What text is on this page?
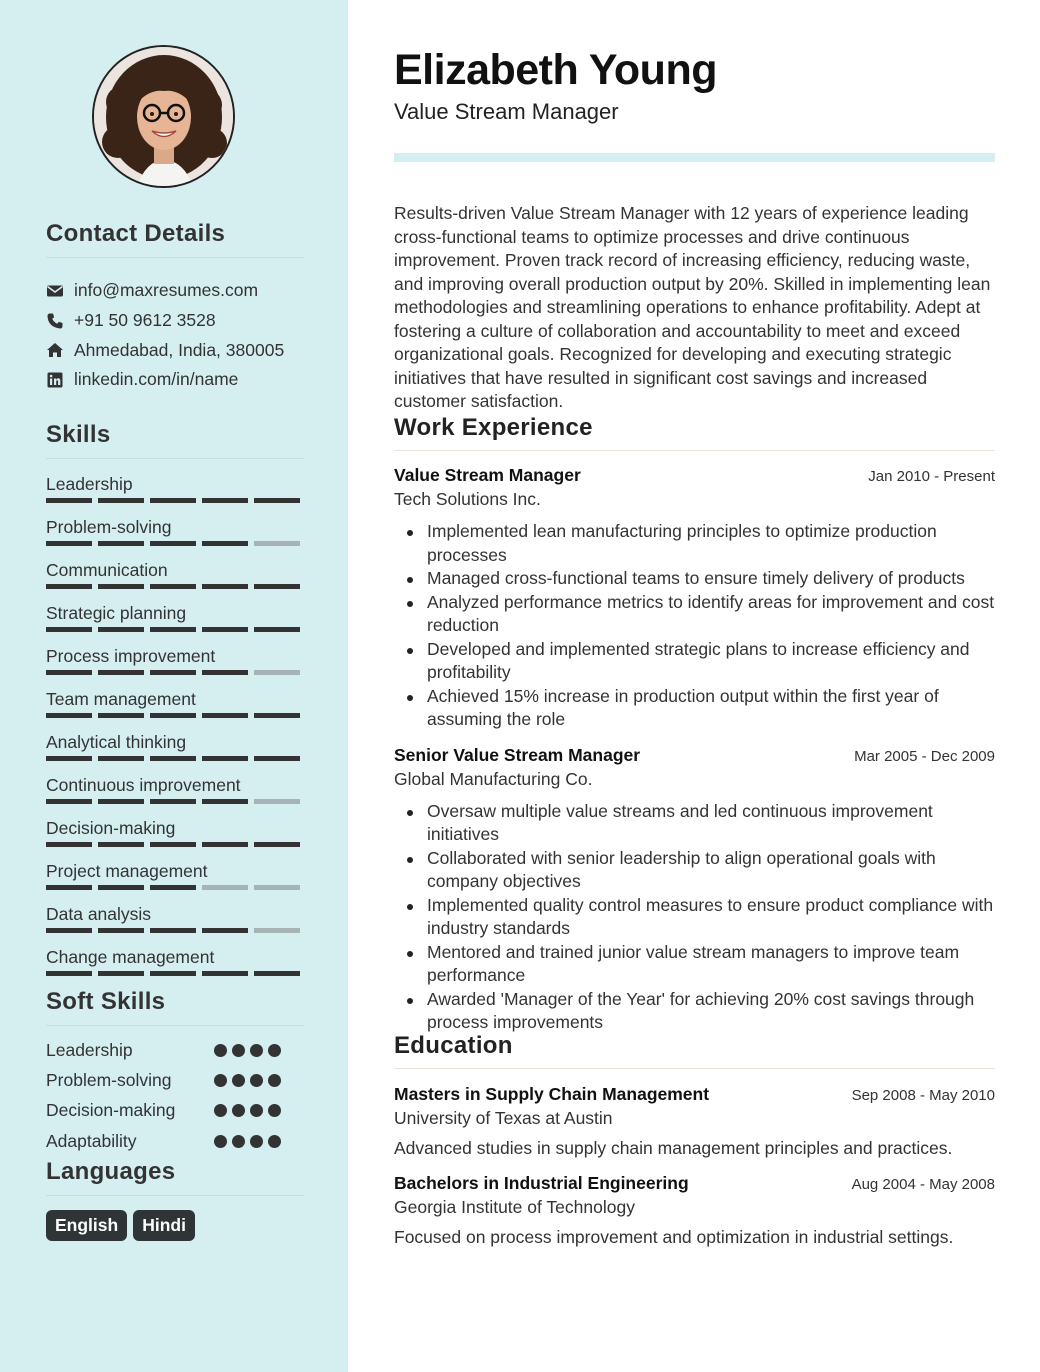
Contact Details
info@maxresumes.com
+91 50 9612 3528
Ahmedabad, India, 380005
linkedin.com/in/name
Skills
Leadership
Problem-solving
Communication
Strategic planning
Process improvement
Team management
Analytical thinking
Continuous improvement
Decision-making
Project management
Data analysis
Change management
Soft Skills
Leadership
Problem-solving
Decision-making
Adaptability
Languages
English	Hindi
Elizabeth Young
Value Stream Manager
Results-driven Value Stream Manager with 12 years of experience leading cross-functional teams to optimize processes and drive continuous improvement. Proven track record of increasing efficiency, reducing waste, and improving overall production output by 20%. Skilled in implementing lean methodologies and streamlining operations to enhance profitability. Adept at fostering a culture of collaboration and accountability to meet and exceed organizational goals. Recognized for developing and executing strategic initiatives that have resulted in significant cost savings and increased customer satisfaction.
Work Experience
Value Stream Manager	Jan 2010 - Present
Tech Solutions Inc.
Implemented lean manufacturing principles to optimize production processes
Managed cross-functional teams to ensure timely delivery of products
Analyzed performance metrics to identify areas for improvement and cost reduction
Developed and implemented strategic plans to increase efficiency and profitability
Achieved 15% increase in production output within the first year of assuming the role
Senior Value Stream Manager	Mar 2005 - Dec 2009
Global Manufacturing Co.
Oversaw multiple value streams and led continuous improvement initiatives
Collaborated with senior leadership to align operational goals with company objectives
Implemented quality control measures to ensure product compliance with industry standards
Mentored and trained junior value stream managers to improve team performance
Awarded 'Manager of the Year' for achieving 20% cost savings through process improvements
Education
Masters in Supply Chain Management	Sep 2008 - May 2010
University of Texas at Austin
Advanced studies in supply chain management principles and practices.
Bachelors in Industrial Engineering	Aug 2004 - May 2008
Georgia Institute of Technology
Focused on process improvement and optimization in industrial settings.
